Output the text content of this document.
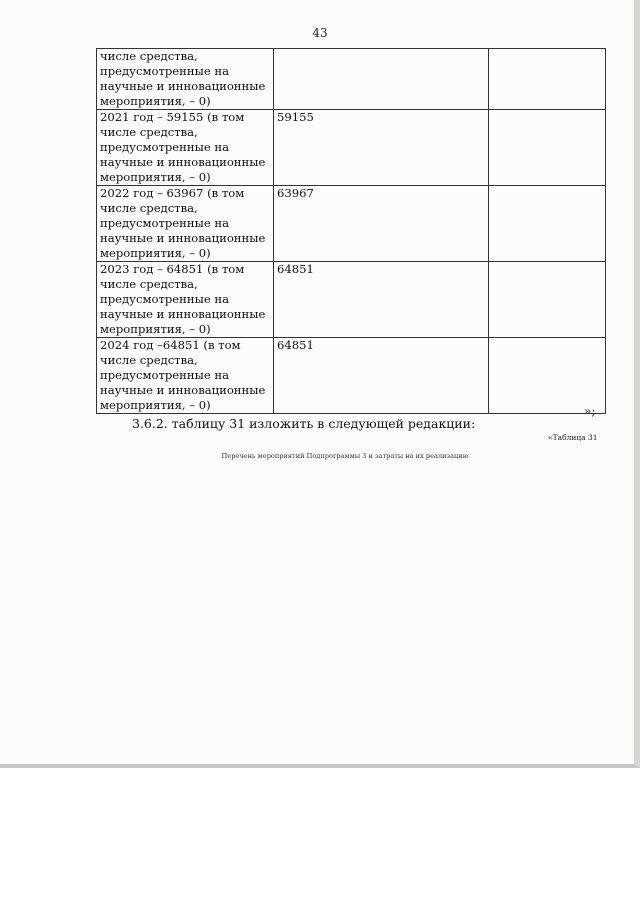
43
числе средства, предусмотренные на научные и инновационные мероприятия, – 0)		
2021 год – 59155 (в том числе средства, предусмотренные на научные и инновационные мероприятия, – 0)	59155	
2022 год – 63967 (в том числе средства, предусмотренные на научные и инновационные мероприятия, – 0)	63967	
2023 год – 64851 (в том числе средства, предусмотренные на научные и инновационные мероприятия, – 0)	64851	
2024 год –64851 (в том числе средства, предусмотренные на научные и инновационные мероприятия, – 0)	64851	
»;
3.6.2. таблицу 31 изложить в следующей редакции:
«Таблица 31
Перечень мероприятий Подпрограммы 3 и затраты на их реализацию
